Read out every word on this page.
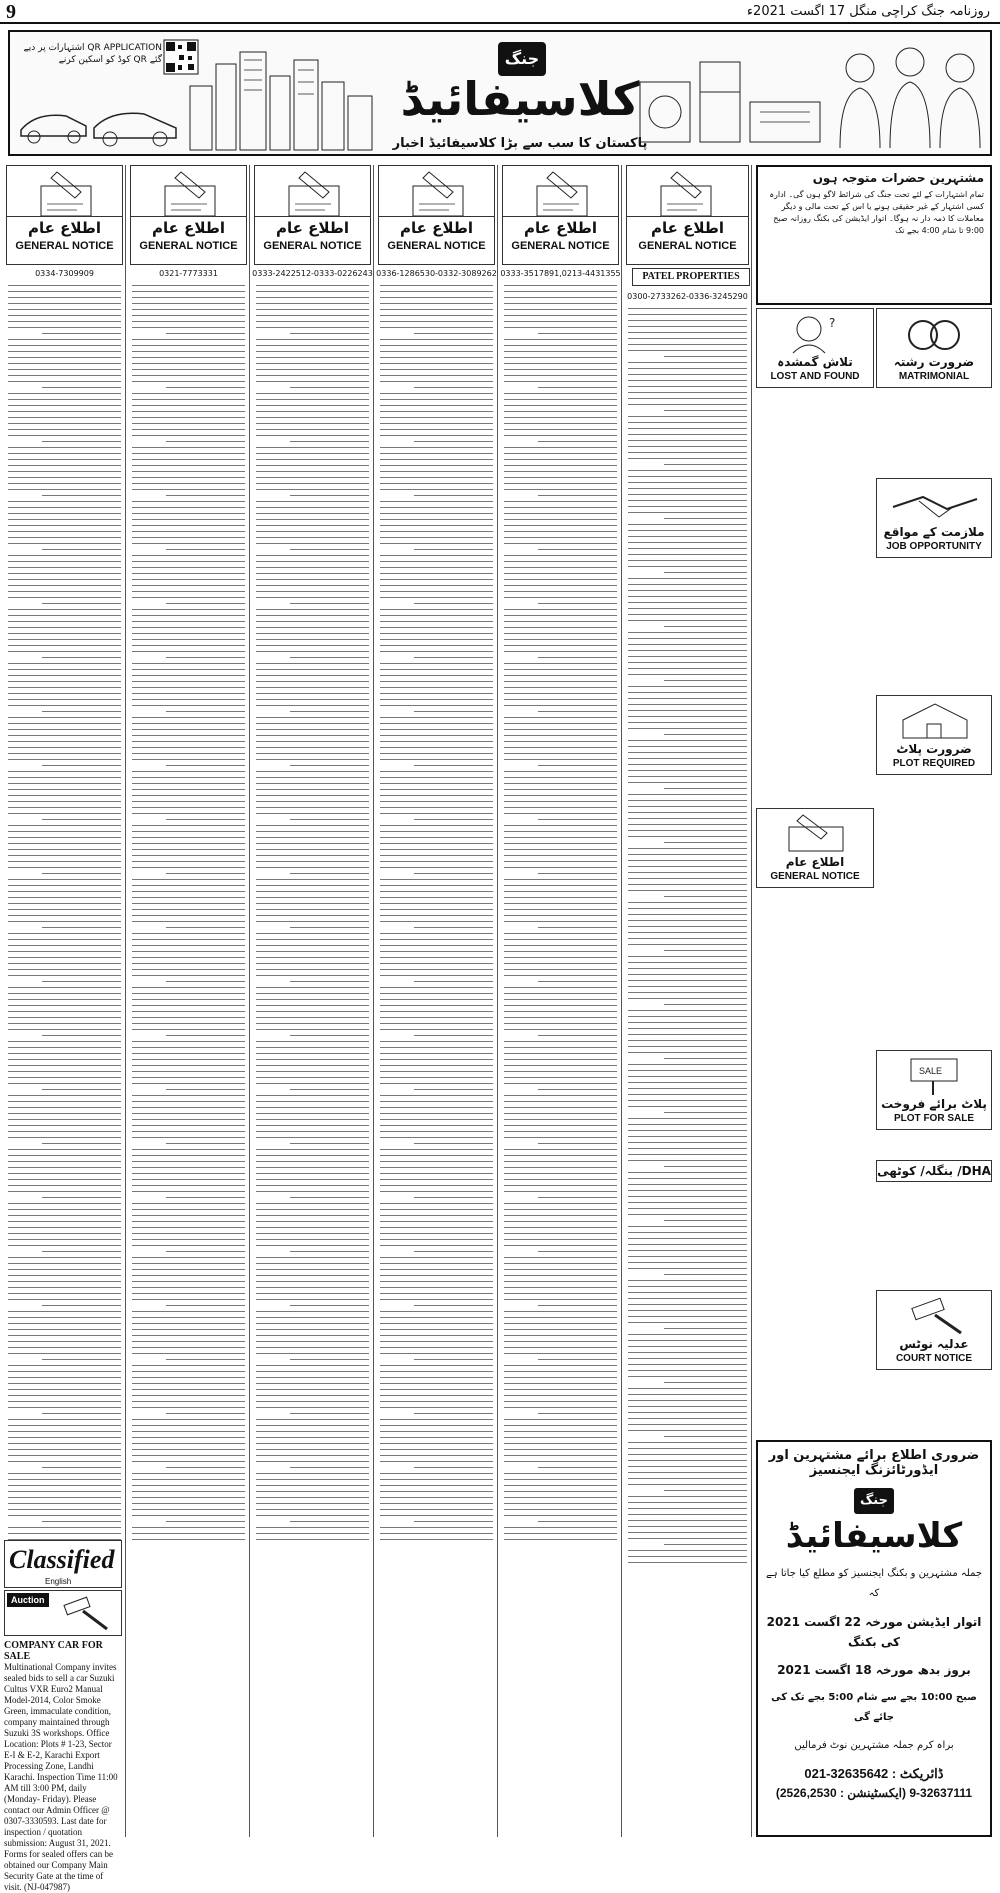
9	روزنامہ جنگ کراچی منگل 17 اگست 2021ء
QR APPLICATION اشتہارات پر دیے گئے QR کوڈ کو اسکین کرنے	جنگ
کلاسیفائیڈ
پاکستان کا سب سے بڑا کلاسیفائیڈ اخبار
اطلاع عام
GENERAL NOTICE
0334-7309909
اطلاع عام
GENERAL NOTICE
0321-7773331
اطلاع عام
GENERAL NOTICE
0333-2422512-0333-0226243
اطلاع عام
GENERAL NOTICE
0336-1286530-0332-3089262
اطلاع عام
GENERAL NOTICE
0333-3517891,0213-4431355
اطلاع عام
GENERAL NOTICE
0300-2733262-0336-3245290
PATEL PROPERTIES
مشتہرین حضرات متوجہ ہوں
تمام اشتہارات کے لئے تحت جنگ کی شرائط لاگو ہوں گی۔ ادارہ کسی اشتہار کے غیر حقیقی ہونے یا اس کے تحت مالی و دیگر معاملات کا ذمہ دار نہ ہوگا۔ اتوار ایڈیشن کی بکنگ روزانہ صبح 9:00 تا شام 4:00 بجے تک
ضرورت رشتہ
MATRIMONIAL
?
تلاش گمشدہ
LOST AND FOUND
ملازمت کے مواقع
JOB OPPORTUNITY
ضرورت پلاٹ
PLOT REQUIRED
اطلاع عام
GENERAL NOTICE
SALE
پلاٹ برائے فروخت
PLOT FOR SALE
DHA/ بنگلہ/ کوٹھی
عدلیہ نوٹس
COURT NOTICE
Classified
English
Auction
COMPANY CAR FOR SALE
Multinational Company invites sealed bids to sell a car Suzuki Cultus VXR Euro2 Manual Model-2014, Color Smoke Green, immaculate condition, company maintained through Suzuki 3S workshops. Office Location: Plots # 1-23, Sector E-I & E-2, Karachi Export Processing Zone, Landhi Karachi. Inspection Time 11:00 AM till 3:00 PM, daily (Monday- Friday). Please contact our Admin Officer @ 0307-3330593. Last date for inspection / quotation submission: August 31, 2021. Forms for sealed offers can be obtained our Company Main Security Gate at the time of visit. (NJ-047987)
ضروری اطلاع برائے مشتہرین اور ایڈورٹائزنگ ایجنسیز
جنگ
کلاسیفائیڈ
جملہ مشتہرین و بکنگ ایجنسیز کو مطلع کیا جاتا ہے کہ
اتوار ایڈیشن مورخہ 22 اگست 2021 کی بکنگ
بروز بدھ مورخہ 18 اگست 2021
صبح 10:00 بجے سے شام 5:00 بجے تک کی جائے گی
براہ کرم جملہ مشتہرین نوٹ فرمالیں
021-32635642 : ڈائریکٹ
(2526,2530 : ایکسٹینشن) 32637111-9
